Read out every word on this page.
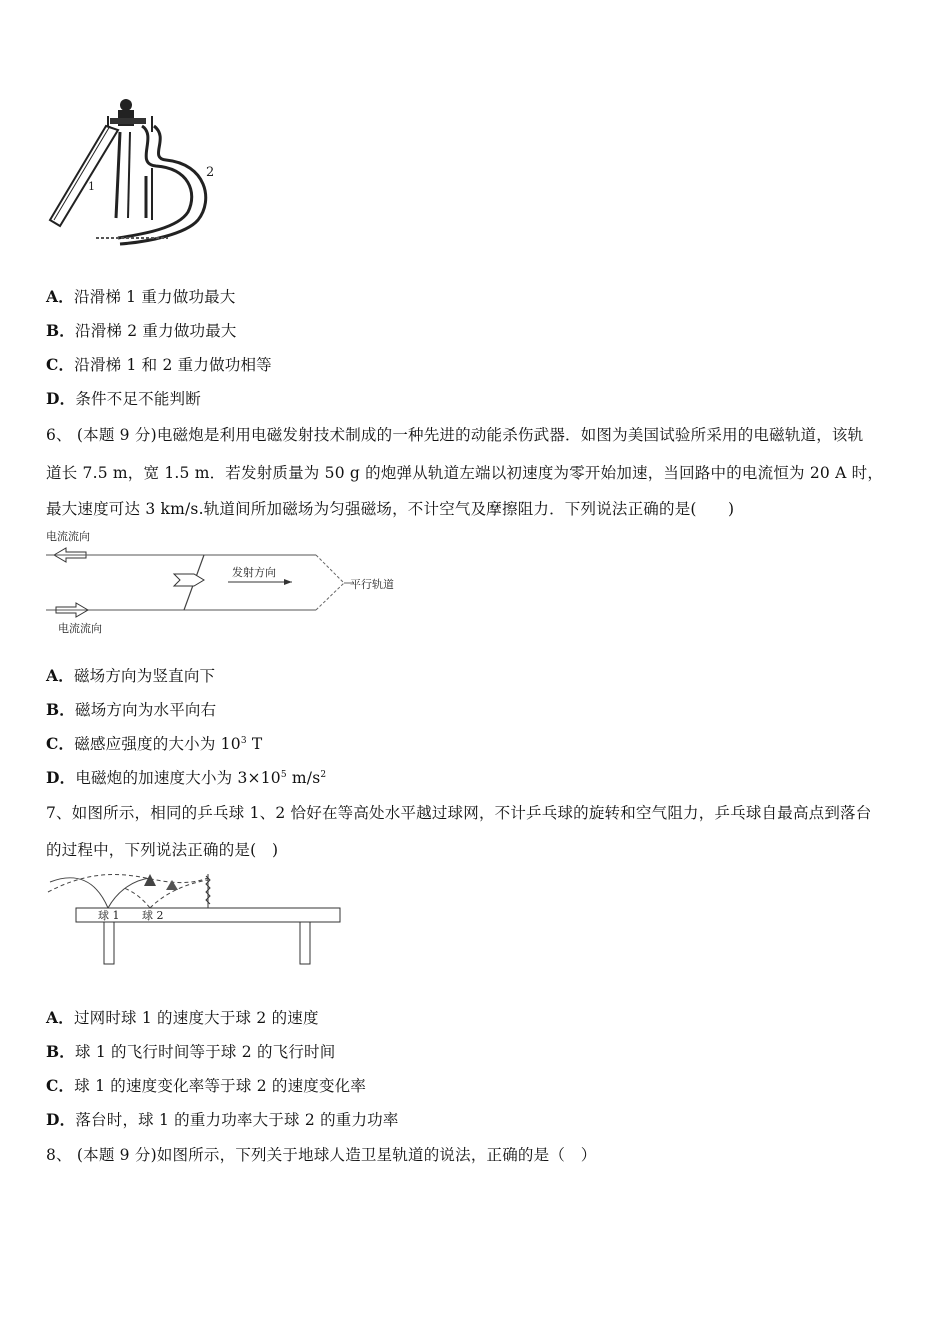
1
2
A．沿滑梯 1 重力做功最大
B．沿滑梯 2 重力做功最大
C．沿滑梯 1 和 2 重力做功相等
D．条件不足不能判断
6、 (本题 9 分)电磁炮是利用电磁发射技术制成的一种先进的动能杀伤武器．如图为美国试验所采用的电磁轨道，该轨
道长 7.5 m，宽 1.5 m．若发射质量为 50 g 的炮弹从轨道左端以初速度为零开始加速，当回路中的电流恒为 20 A 时，
最大速度可达 3 km/s.轨道间所加磁场为匀强磁场，不计空气及摩擦阻力．下列说法正确的是(　　)
电流流向
平行轨道
发射方向
电流流向
A．磁场方向为竖直向下
B．磁场方向为水平向右
C．磁感应强度的大小为 $10^3$ T
D．电磁炮的加速度大小为 $3\times 10^5$ $m/s^2$
7、如图所示，相同的乒乓球 1、2 恰好在等高处水平越过球网，不计乒乓球的旋转和空气阻力，乒乓球自最高点到落台
的过程中，下列说法正确的是(　)
球 1 球 2
A．过网时球 1 的速度大于球 2 的速度
B．球 1 的飞行时间等于球 2 的飞行时间
C．球 1 的速度变化率等于球 2 的速度变化率
D．落台时，球 1 的重力功率大于球 2 的重力功率
8、 (本题 9 分)如图所示，下列关于地球人造卫星轨道的说法，正确的是（　）
